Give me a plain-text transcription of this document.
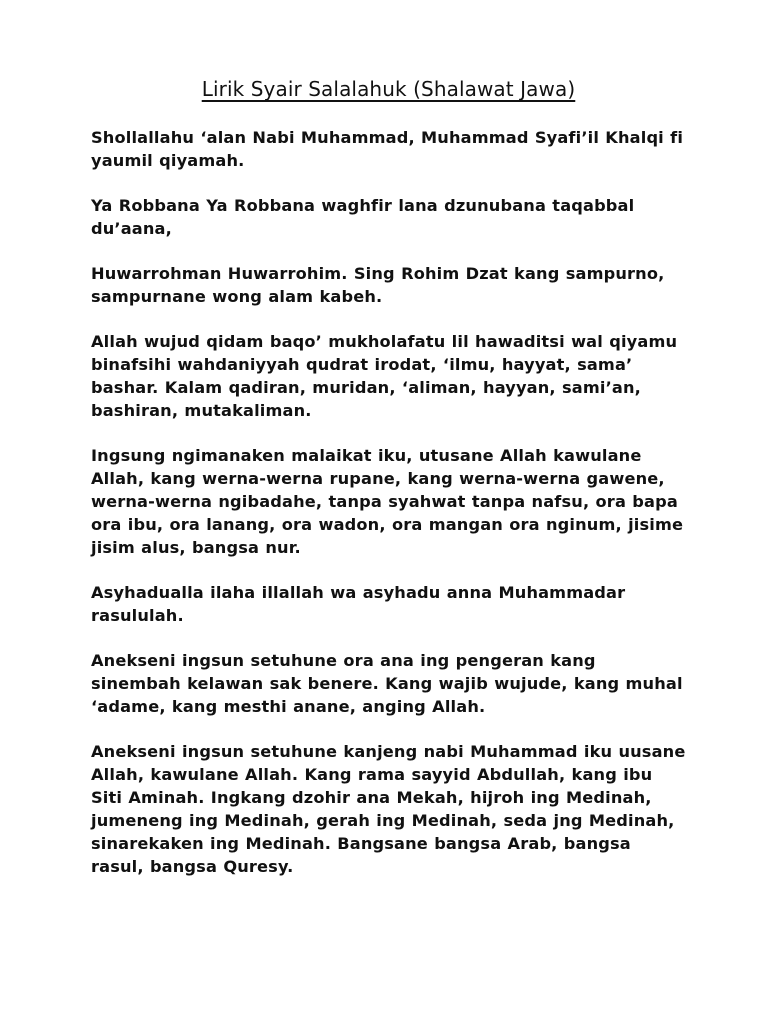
Lirik Syair Salalahuk (Shalawat Jawa)

Shollallahu ‘alan Nabi Muhammad, Muhammad Syafi’il Khalqi fi yaumil qiyamah.

Ya Robbana Ya Robbana waghfir lana dzunubana taqabbal du’aana,

Huwarrohman Huwarrohim. Sing Rohim Dzat kang sampurno, sampurnane wong alam kabeh.

Allah wujud qidam baqo’ mukholafatu lil hawaditsi wal qiyamu binafsihi wahdaniyyah qudrat irodat, ‘ilmu, hayyat, sama’ bashar. Kalam qadiran, muridan, ‘aliman, hayyan, sami’an, bashiran, mutakaliman.

Ingsung ngimanaken malaikat iku, utusane Allah kawulane Allah, kang werna-werna rupane, kang werna-werna gawene, werna-werna ngibadahe, tanpa syahwat tanpa nafsu, ora bapa ora ibu, ora lanang, ora wadon, ora mangan ora nginum, jisime jisim alus, bangsa nur.

Asyhadualla ilaha illallah wa asyhadu anna Muhammadar rasululah.

Anekseni ingsun setuhune ora ana ing pengeran kang sinembah kelawan sak benere. Kang wajib wujude, kang muhal ‘adame, kang mesthi anane, anging Allah.

Anekseni ingsun setuhune kanjeng nabi Muhammad iku uusane Allah, kawulane Allah. Kang rama sayyid Abdullah, kang ibu Siti Aminah. Ingkang dzohir ana Mekah, hijroh ing Medinah, jumeneng ing Medinah, gerah ing Medinah, seda jng Medinah, sinarekaken ing Medinah. Bangsane bangsa Arab, bangsa rasul, bangsa Quresy.
